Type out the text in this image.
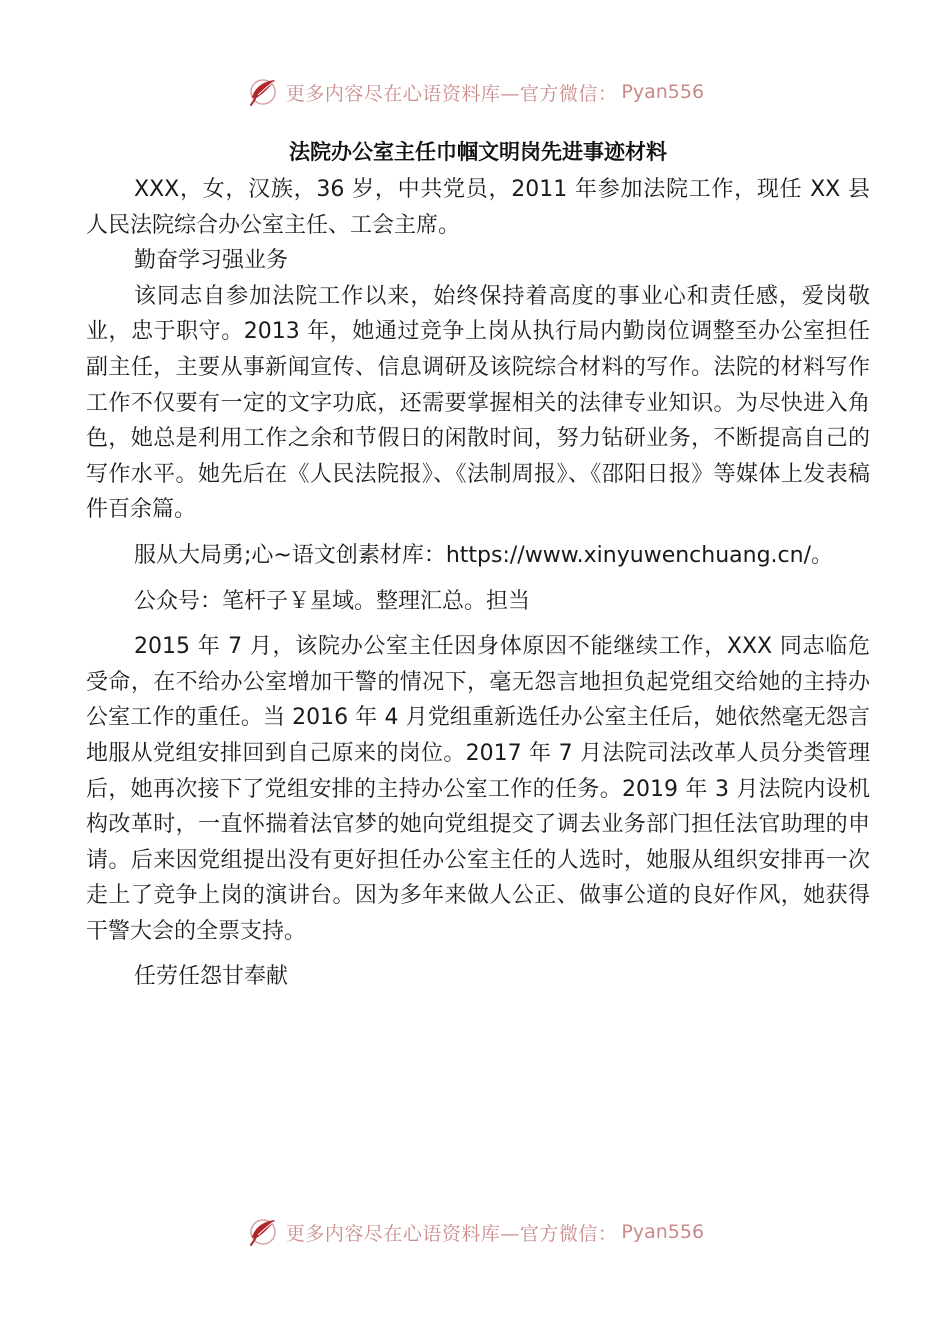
更多内容尽在心语资料库—官方微信： Pyan556
法院办公室主任巾帼文明岗先进事迹材料

XXX，女，汉族，36 岁，中共党员，2011 年参加法院工作，现任 XX 县人民法院综合办公室主任、工会主席。

勤奋学习强业务

该同志自参加法院工作以来，始终保持着高度的事业心和责任感，爱岗敬业，忠于职守。2013 年，她通过竞争上岗从执行局内勤岗位调整至办公室担任副主任，主要从事新闻宣传、信息调研及该院综合材料的写作。法院的材料写作工作不仅要有一定的文字功底，还需要掌握相关的法律专业知识。为尽快进入角色，她总是利用工作之余和节假日的闲散时间，努力钻研业务，不断提高自己的写作水平。她先后在《人民法院报》、《法制周报》、《邵阳日报》等媒体上发表稿件百余篇。

服从大局勇;心~语文创素材库：https://www.xinyuwenchuang.cn/。

公众号：笔杆子￥星域。整理汇总。担当

2015 年 7 月，该院办公室主任因身体原因不能继续工作，XXX 同志临危受命，在不给办公室增加干警的情况下，毫无怨言地担负起党组交给她的主持办公室工作的重任。当 2016 年 4 月党组重新选任办公室主任后，她依然毫无怨言地服从党组安排回到自己原来的岗位。2017 年 7 月法院司法改革人员分类管理后，她再次接下了党组安排的主持办公室工作的任务。2019 年 3 月法院内设机构改革时，一直怀揣着法官梦的她向党组提交了调去业务部门担任法官助理的申请。后来因党组提出没有更好担任办公室主任的人选时，她服从组织安排再一次走上了竞争上岗的演讲台。因为多年来做人公正、做事公道的良好作风，她获得干警大会的全票支持。

任劳任怨甘奉献

更多内容尽在心语资料库—官方微信： Pyan556
